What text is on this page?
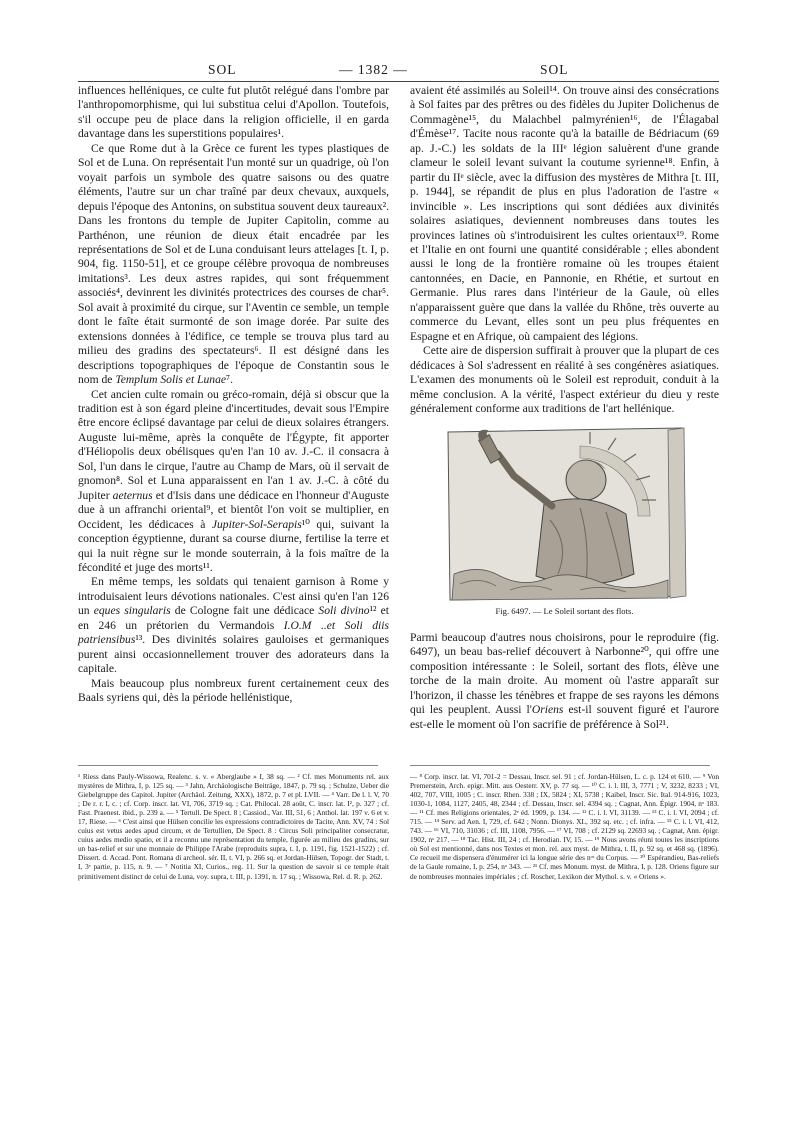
SOL	— 1382 —	SOL

influences helléniques, ce culte fut plutôt relégué dans l'ombre par l'anthropomorphisme, qui lui substitua celui d'Apollon. Toutefois, s'il occupe peu de place dans la religion officielle, il en garda davantage dans les superstitions populaires¹.

Ce que Rome dut à la Grèce ce furent les types plastiques de Sol et de Luna. On représentait l'un monté sur un quadrige, où l'on voyait parfois un symbole des quatre saisons ou des quatre éléments, l'autre sur un char traîné par deux chevaux, auxquels, depuis l'époque des Antonins, on substitua souvent deux taureaux². Dans les frontons du temple de Jupiter Capitolin, comme au Parthénon, une réunion de dieux était encadrée par les représentations de Sol et de Luna conduisant leurs attelages [t. I, p. 904, fig. 1150-51], et ce groupe célèbre provoqua de nombreuses imitations³. Les deux astres rapides, qui sont fréquemment associés⁴, devinrent les divinités protectrices des courses de char⁵. Sol avait à proximité du cirque, sur l'Aventin ce semble, un temple dont le faîte était surmonté de son image dorée. Par suite des extensions données à l'édifice, ce temple se trouva plus tard au milieu des gradins des spectateurs⁶. Il est désigné dans les descriptions topographiques de l'époque de Constantin sous le nom de Templum Solis et Lunae⁷.

Cet ancien culte romain ou gréco-romain, déjà si obscur que la tradition est à son égard pleine d'incertitudes, devait sous l'Empire être encore éclipsé davantage par celui de dieux solaires étrangers. Auguste lui-même, après la conquête de l'Égypte, fit apporter d'Héliopolis deux obélisques qu'en l'an 10 av. J.-C. il consacra à Sol, l'un dans le cirque, l'autre au Champ de Mars, où il servait de gnomon⁸. Sol et Luna apparaissent en l'an 1 av. J.-C. à côté du Jupiter aeternus et d'Isis dans une dédicace en l'honneur d'Auguste due à un affranchi oriental⁹, et bientôt l'on voit se multiplier, en Occident, les dédicaces à Jupiter-Sol-Serapis¹⁰ qui, suivant la conception égyptienne, durant sa course diurne, fertilise la terre et qui la nuit règne sur le monde souterrain, à la fois maître de la fécondité et juge des morts¹¹.

En même temps, les soldats qui tenaient garnison à Rome y introduisaient leurs dévotions nationales. C'est ainsi qu'en l'an 126 un eques singularis de Cologne fait une dédicace Soli divino¹² et en 246 un prétorien du Vermandois I.O.M ..et Soli diis patriensibus¹³. Des divinités solaires gauloises et germaniques purent ainsi occasionnellement trouver des adorateurs dans la capitale.

Mais beaucoup plus nombreux furent certainement ceux des Baals syriens qui, dès la période hellénistique,

avaient été assimilés au Soleil¹⁴. On trouve ainsi des consécrations à Sol faites par des prêtres ou des fidèles du Jupiter Dolichenus de Commagène¹⁵, du Malachbel palmyrénien¹⁶, de l'Élagabal d'Émèse¹⁷. Tacite nous raconte qu'à la bataille de Bédriacum (69 ap. J.-C.) les soldats de la IIIᵉ légion saluèrent d'une grande clameur le soleil levant suivant la coutume syrienne¹⁸. Enfin, à partir du IIᵉ siècle, avec la diffusion des mystères de Mithra [t. III, p. 1944], se répandit de plus en plus l'adoration de l'astre « invincible ». Les inscriptions qui sont dédiées aux divinités solaires asiatiques, deviennent nombreuses dans toutes les provinces latines où s'introduisirent les cultes orientaux¹⁹. Rome et l'Italie en ont fourni une quantité considérable ; elles abondent aussi le long de la frontière romaine où les troupes étaient cantonnées, en Dacie, en Pannonie, en Rhétie, et surtout en Germanie. Plus rares dans l'intérieur de la Gaule, où elles n'apparaissent guère que dans la vallée du Rhône, très ouverte au commerce du Levant, elles sont un peu plus fréquentes en Espagne et en Afrique, où campaient des légions.

Cette aire de dispersion suffirait à prouver que la plupart de ces dédicaces à Sol s'adressent en réalité à ses congénères asiatiques. L'examen des monuments où le Soleil est reproduit, conduit à la même conclusion. A la vérité, l'aspect extérieur du dieu y reste généralement conforme aux traditions de l'art hellénique.

Fig. 6497. — Le Soleil sortant des flots.

Parmi beaucoup d'autres nous choisirons, pour le reproduire (fig. 6497), un beau bas-relief découvert à Narbonne²⁰, qui offre une composition intéressante : le Soleil, sortant des flots, élève une torche de la main droite. Au moment où l'astre apparaît sur l'horizon, il chasse les ténèbres et frappe de ses rayons les démons qui les peuplent. Aussi l'Oriens est-il souvent figuré et l'aurore est-elle le moment où l'on sacrifie de préférence à Sol²¹.

¹ Riess dans Pauly-Wissowa, Realenc. s. v. « Aberglaube » I, 38 sq. — ² Cf. mes Monuments rel. aux mystères de Mithra, I, p. 125 sq. — ³ Jahn, Archäologische Beiträge, 1847, p. 79 sq. ; Schulze, Ueber die Giebelgruppe des Capitol. Jupiter (Archäol. Zeitung, XXX), 1872, p. 7 et pl. LVII. — ⁴ Varr. De l. l. V, 70 ; De r. r. I, c. ; cf. Corp. inscr. lat. VI, 706, 3719 sq. ; Cat. Philocal. 28 août, C. inscr. lat. I², p. 327 ; cf. Fast. Praenest. ibid., p. 239 a. — ⁵ Tertull. De Spect. 8 ; Cassiod., Var. III, 51, 6 ; Anthol. lat. 197 v. 6 et v. 17, Riese. — ⁶ C'est ainsi que Hülsen concilie les expressions contradictoires de Tacite, Ann. XV, 74 : Sol cuius est vetus aedes apud circum, et de Tertullien, De Spect. 8 : Circus Soli principaliter consecratur, cuius aedes medio spatio, et il a reconnu une représentation du temple, figurée au milieu des gradins, sur un bas-relief et sur une monnaie de Philippe l'Arabe (reproduits supra, t. I, p. 1191, fig. 1521-1522) ; cf. Dissert. d. Accad. Pont. Romana di archeol. sér. II, t. VI, p. 266 sq. et Jordan-Hülsen, Topogr. der Stadt, t. I, 3ᵉ partie, p. 115, n. 9. — ⁷ Notitia XI, Curios., reg. 11. Sur la question de savoir si ce temple était primitivement distinct de celui de Luna, voy. supra, t. III, p. 1391, n. 17 sq. ; Wissowa, Rel. d. R. p. 262.

— ⁸ Corp. inscr. lat. VI, 701-2 = Dessau, Inscr. sel. 91 ; cf. Jordan-Hülsen, L. c. p. 124 et 610. — ⁹ Von Premerstein, Arch. epigr. Mitt. aus Oesterr. XV, p. 77 sq. — ¹⁰ C. i. l. III, 3, 7771 ; V, 3232, 8233 ; VI, 402, 707, VIII, 1005 ; C. inscr. Rhen. 338 ; IX, 5824 ; XI, 5738 ; Kaibel, Inscr. Sic. Ital. 914-916, 1023, 1030-1, 1084, 1127, 2405, 48, 2344 ; cf. Dessau, Inscr. sel. 4394 sq. ; Cagnat, Ann. Épigr. 1904, nᵒ 183. — ¹¹ Cf. mes Religions orientales, 2ᵉ éd. 1909, p. 134. — ¹² C. i. l. VI, 31139. — ¹³ C. i. l. VI, 2094 ; cf. 715. — ¹⁴ Serv. ad Aen. I, 729, cf. 642 ; Nonn. Dionys. XL, 392 sq. etc. ; cf. infra. — ¹⁵ C. i. l. VI, 412, 743. — ¹⁶ VI, 710, 31036 ; cf. III, 1108, 7956. — ¹⁷ VI, 708 ; cf. 2129 sq. 22693 sq. ; Cagnat, Ann. épigr. 1902, nᵒ 217. — ¹⁸ Tac. Hist. III, 24 ; cf. Herodian. IV, 15. — ¹⁹ Nous avons réuni toutes les inscriptions où Sol est mentionné, dans nos Textes et mon. rel. aux myst. de Mithra, t. II, p. 92 sq. et 468 sq. (1896). Ce recueil me dispensera d'énumérer ici la longue série des nᵒˢ du Corpus. — ²⁰ Espérandieu, Bas-reliefs de la Gaule romaine, I, p. 254, nᵒ 343. — ²¹ Cf. mes Monum. myst. de Mithra, I, p. 128. Oriens figure sur de nombreuses monnaies impériales ; cf. Roscher, Lexikon der Mythol. s. v. « Oriens ».
